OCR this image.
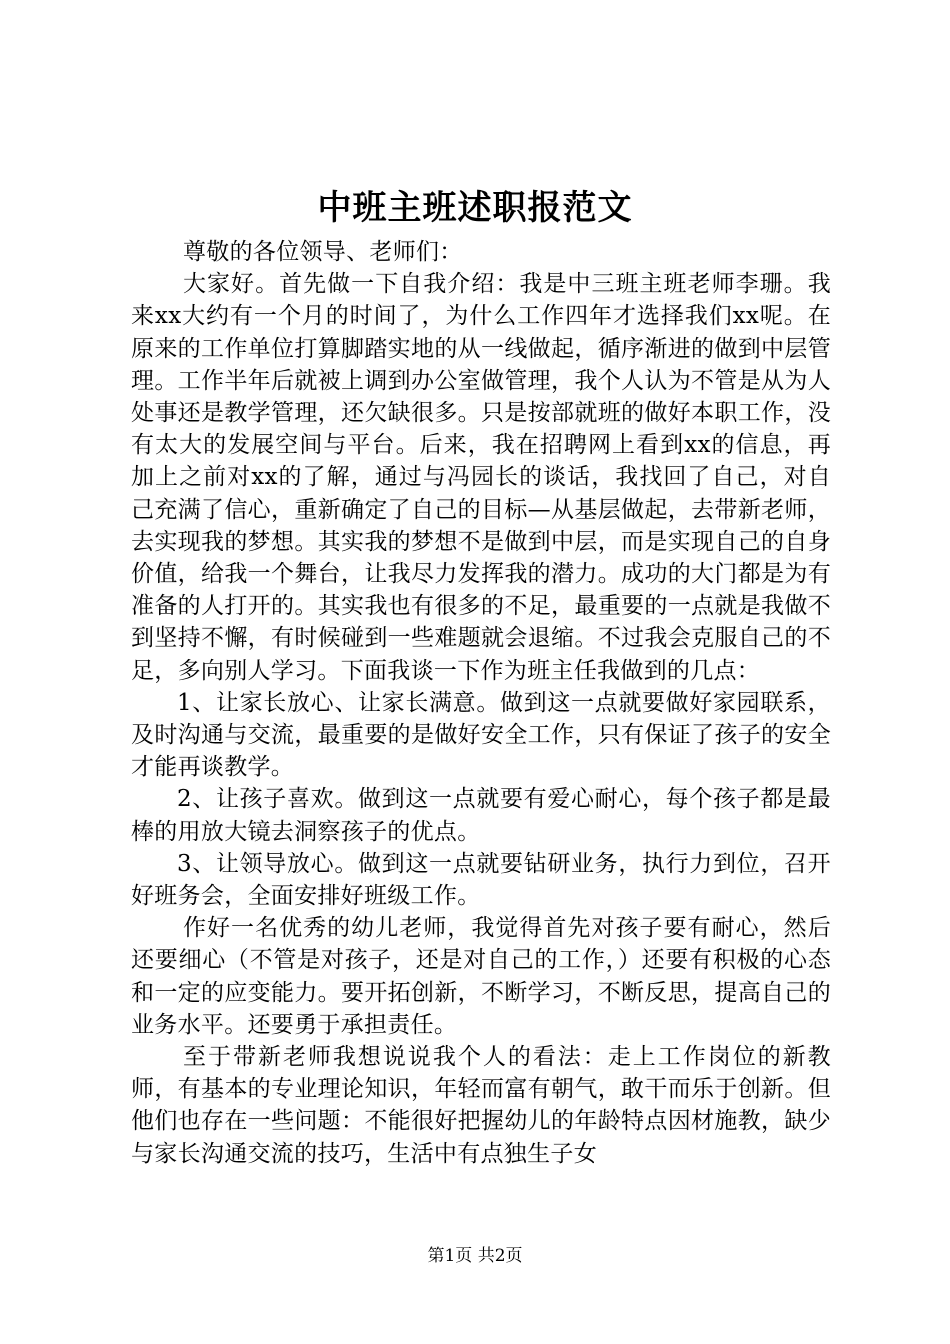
中班主班述职报范文

尊敬的各位领导、老师们：

大家好。首先做一下自我介绍：我是中三班主班老师李珊。我来xx大约有一个月的时间了，为什么工作四年才选择我们xx呢。在原来的工作单位打算脚踏实地的从一线做起，循序渐进的做到中层管理。工作半年后就被上调到办公室做管理，我个人认为不管是从为人处事还是教学管理，还欠缺很多。只是按部就班的做好本职工作，没有太大的发展空间与平台。后来，我在招聘网上看到xx的信息，再加上之前对xx的了解，通过与冯园长的谈话，我找回了自己，对自己充满了信心，重新确定了自己的目标—从基层做起，去带新老师，去实现我的梦想。其实我的梦想不是做到中层，而是实现自己的自身价值，给我一个舞台，让我尽力发挥我的潜力。成功的大门都是为有准备的人打开的。其实我也有很多的不足，最重要的一点就是我做不到坚持不懈，有时候碰到一些难题就会退缩。不过我会克服自己的不足，多向别人学习。下面我谈一下作为班主任我做到的几点：

1、让家长放心、让家长满意。做到这一点就要做好家园联系，及时沟通与交流，最重要的是做好安全工作，只有保证了孩子的安全才能再谈教学。

2、让孩子喜欢。做到这一点就要有爱心耐心，每个孩子都是最棒的用放大镜去洞察孩子的优点。

3、让领导放心。做到这一点就要钻研业务，执行力到位，召开好班务会，全面安排好班级工作。

作好一名优秀的幼儿老师，我觉得首先对孩子要有耐心，然后还要细心（不管是对孩子，还是对自己的工作，）还要有积极的心态和一定的应变能力。要开拓创新，不断学习，不断反思，提高自己的业务水平。还要勇于承担责任。

至于带新老师我想说说我个人的看法：走上工作岗位的新教师，有基本的专业理论知识，年轻而富有朝气，敢干而乐于创新。但他们也存在一些问题：不能很好把握幼儿的年龄特点因材施教，缺少与家长沟通交流的技巧，生活中有点独生子女

第1页 共2页
